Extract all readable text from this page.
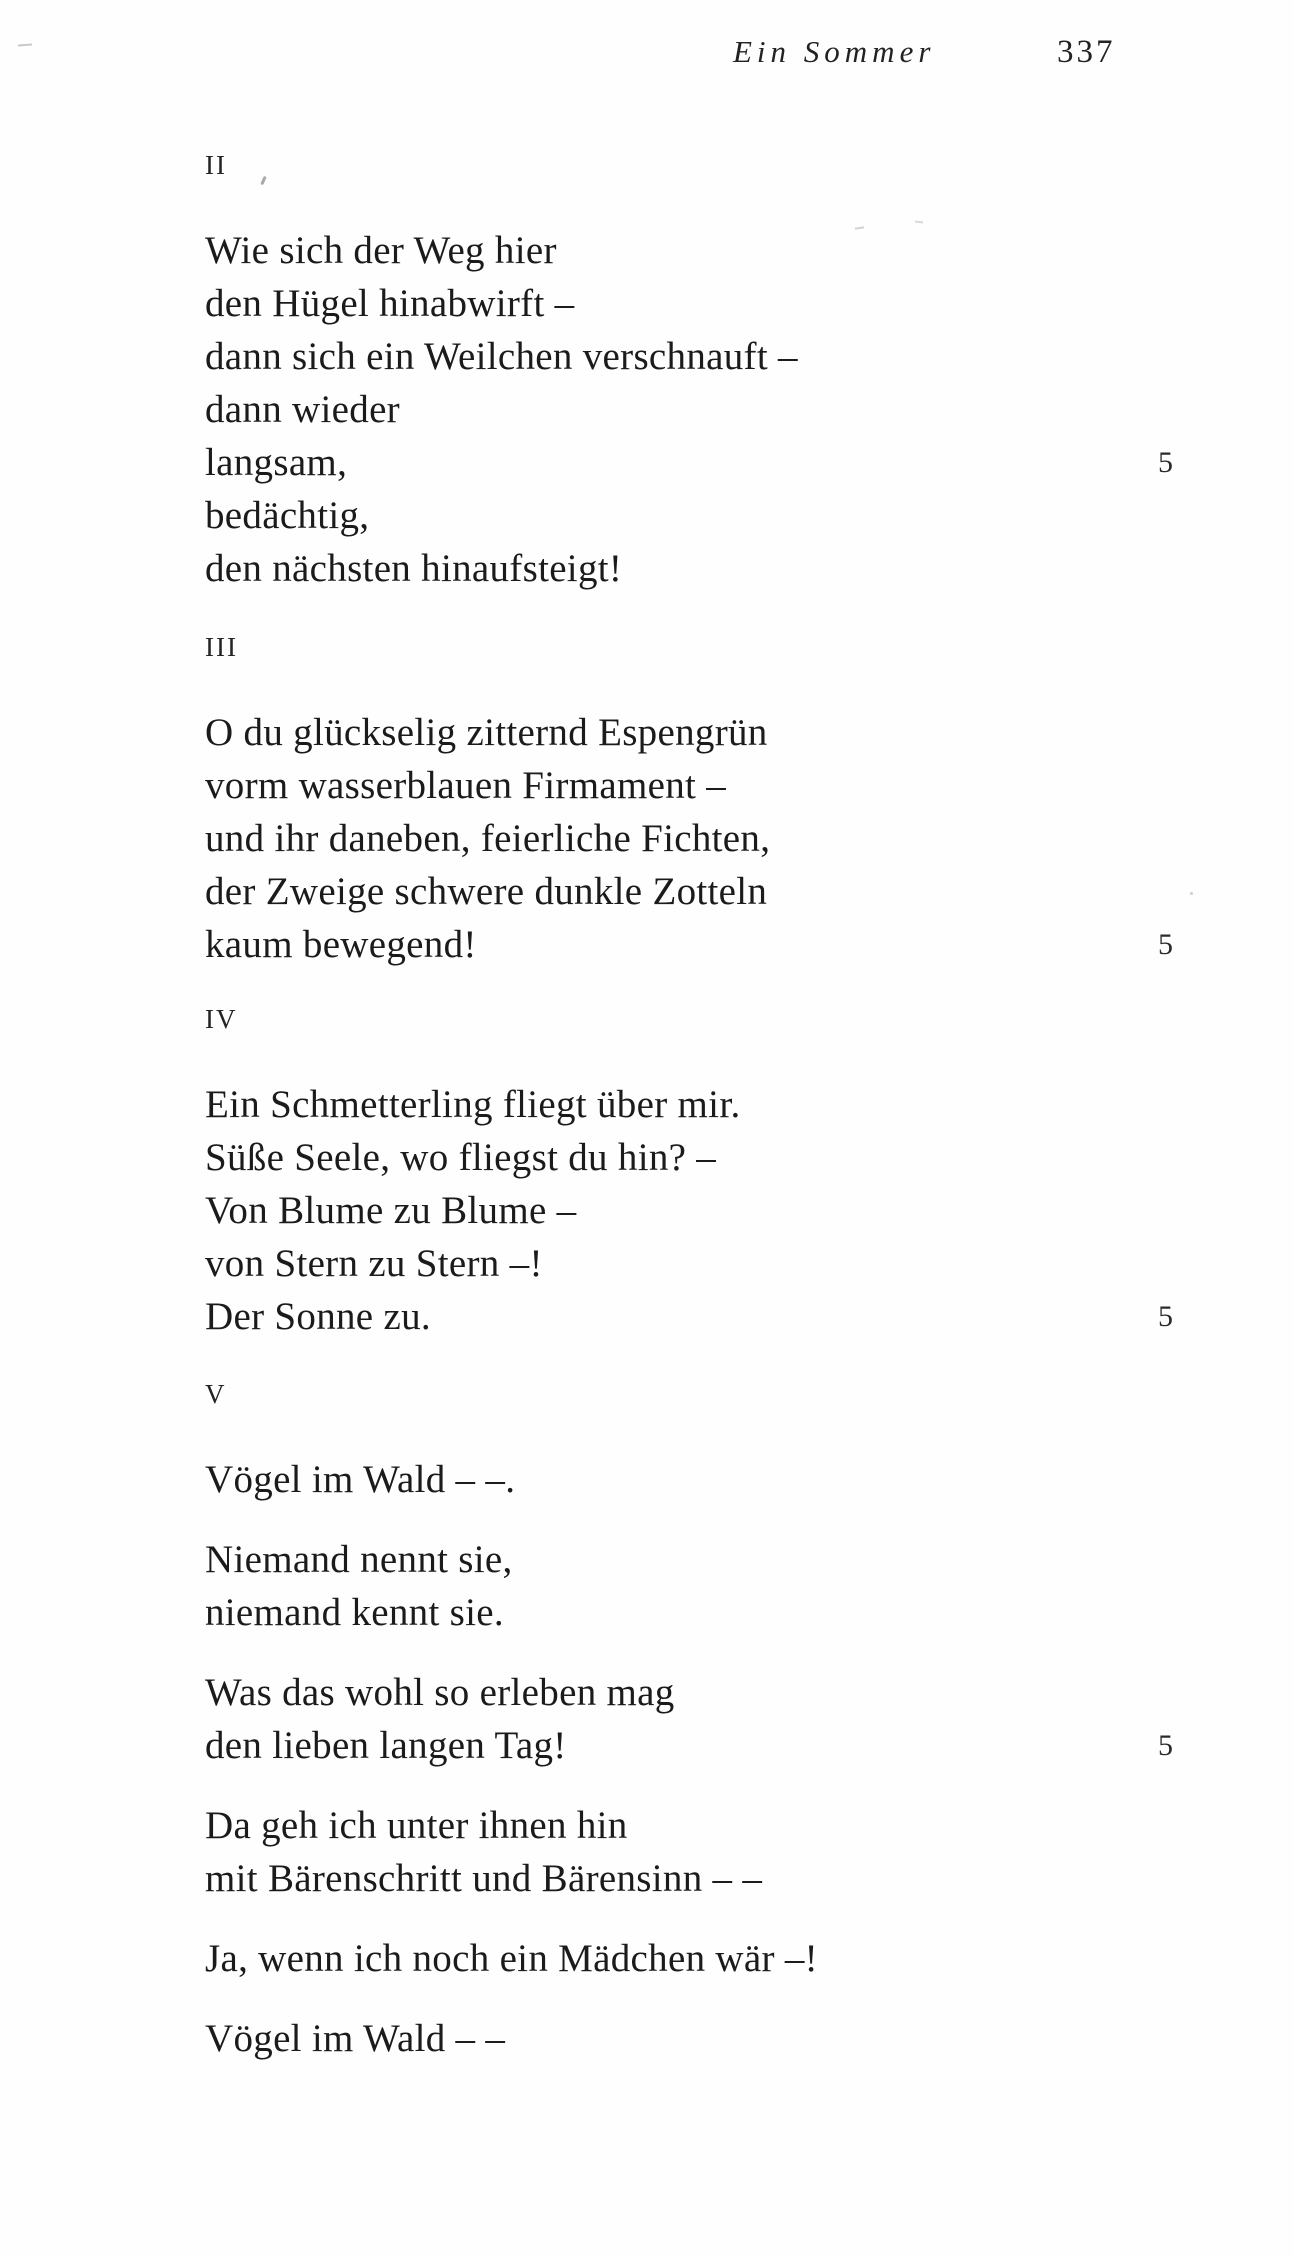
Ein Sommer	337
II
Wie sich der Weg hier
den Hügel hinabwirft –
dann sich ein Weilchen verschnauft –
dann wieder
langsam,	5
bedächtig,
den nächsten hinaufsteigt!
III
O du glückselig zitternd Espengrün
vorm wasserblauen Firmament –
und ihr daneben, feierliche Fichten,
der Zweige schwere dunkle Zotteln
kaum bewegend!	5
IV
Ein Schmetterling fliegt über mir.
Süße Seele, wo fliegst du hin? –
Von Blume zu Blume –
von Stern zu Stern –!
Der Sonne zu.	5
V
Vögel im Wald – –.
Niemand nennt sie,
niemand kennt sie.
Was das wohl so erleben mag
den lieben langen Tag!	5
Da geh ich unter ihnen hin
mit Bärenschritt und Bärensinn – –
Ja, wenn ich noch ein Mädchen wär –!
Vögel im Wald – –
